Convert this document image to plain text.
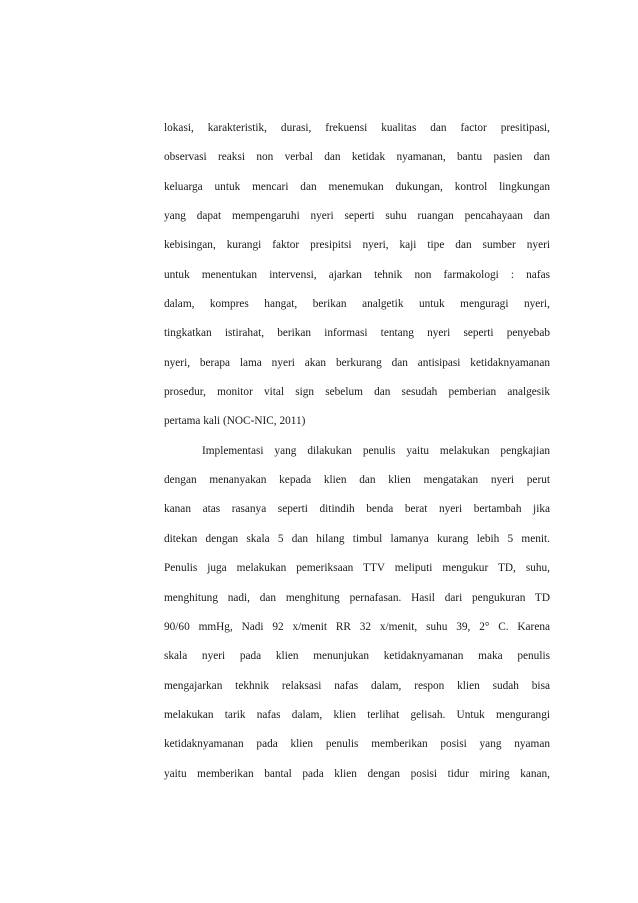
lokasi, karakteristik, durasi, frekuensi kualitas dan factor presitipasi,
observasi reaksi non verbal dan ketidak nyamanan, bantu pasien dan
keluarga untuk mencari dan menemukan dukungan, kontrol lingkungan
yang dapat mempengaruhi nyeri seperti suhu ruangan pencahayaan dan
kebisingan, kurangi faktor presipitsi nyeri, kaji tipe dan sumber nyeri
untuk menentukan intervensi, ajarkan tehnik non farmakologi : nafas
dalam, kompres hangat, berikan analgetik untuk menguragi nyeri,
tingkatkan istirahat, berikan informasi tentang nyeri seperti penyebab
nyeri, berapa lama nyeri akan berkurang dan antisipasi ketidaknyamanan
prosedur, monitor vital sign sebelum dan sesudah pemberian analgesik
pertama kali (NOC-NIC, 2011)
Implementasi yang dilakukan penulis yaitu melakukan pengkajian
dengan menanyakan kepada klien dan klien mengatakan nyeri perut
kanan atas rasanya seperti ditindih benda berat nyeri bertambah jika
ditekan dengan skala 5 dan hilang timbul lamanya kurang lebih 5 menit.
Penulis juga melakukan pemeriksaan TTV meliputi mengukur TD, suhu,
menghitung nadi, dan menghitung pernafasan. Hasil dari pengukuran TD
90/60 mmHg, Nadi 92 x/menit RR 32 x/menit, suhu 39, 2° C. Karena
skala nyeri pada klien menunjukan ketidaknyamanan maka penulis
mengajarkan tekhnik relaksasi nafas dalam, respon klien sudah bisa
melakukan tarik nafas dalam, klien terlihat gelisah. Untuk mengurangi
ketidaknyamanan pada klien penulis memberikan posisi yang nyaman
yaitu memberikan bantal pada klien dengan posisi tidur miring kanan,
